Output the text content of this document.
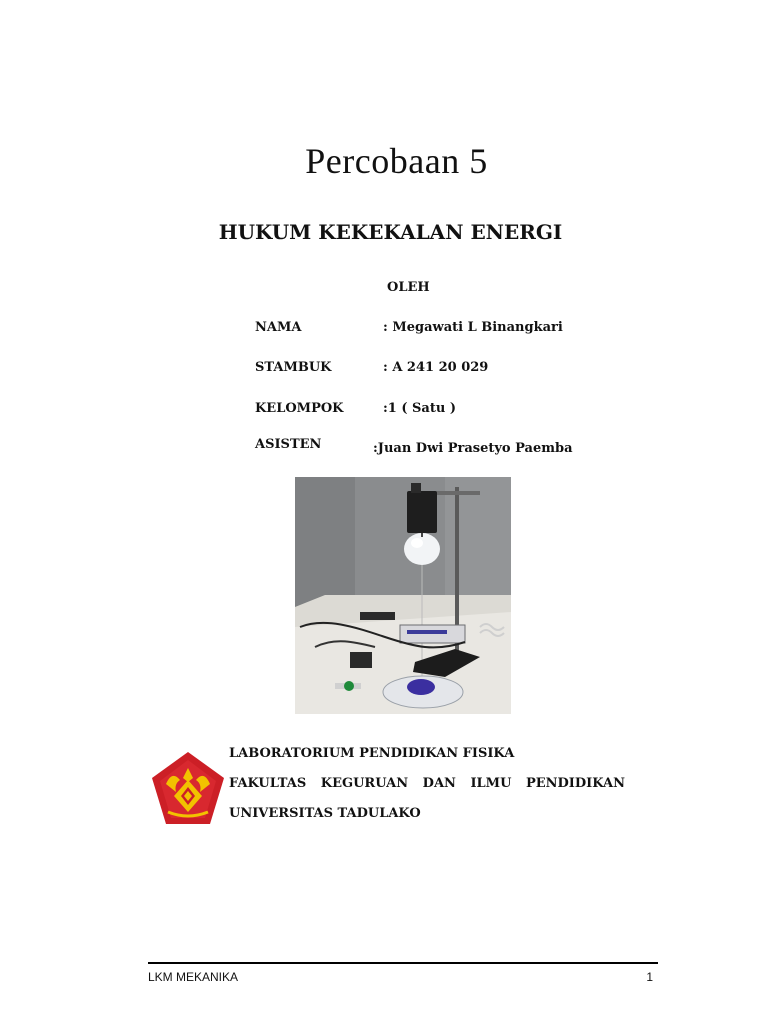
Percobaan 5
HUKUM KEKEKALAN ENERGI
OLEH
NAMA	: Megawati L Binangkari
STAMBUK	: A 241 20 029
KELOMPOK	:1 ( Satu )
ASISTEN	:Juan Dwi Prasetyo Paemba
LABORATORIUM PENDIDIKAN FISIKA
FAKULTAS KEGURUAN DAN ILMU PENDIDIKAN
UNIVERSITAS TADULAKO
LKM MEKANIKA	1
